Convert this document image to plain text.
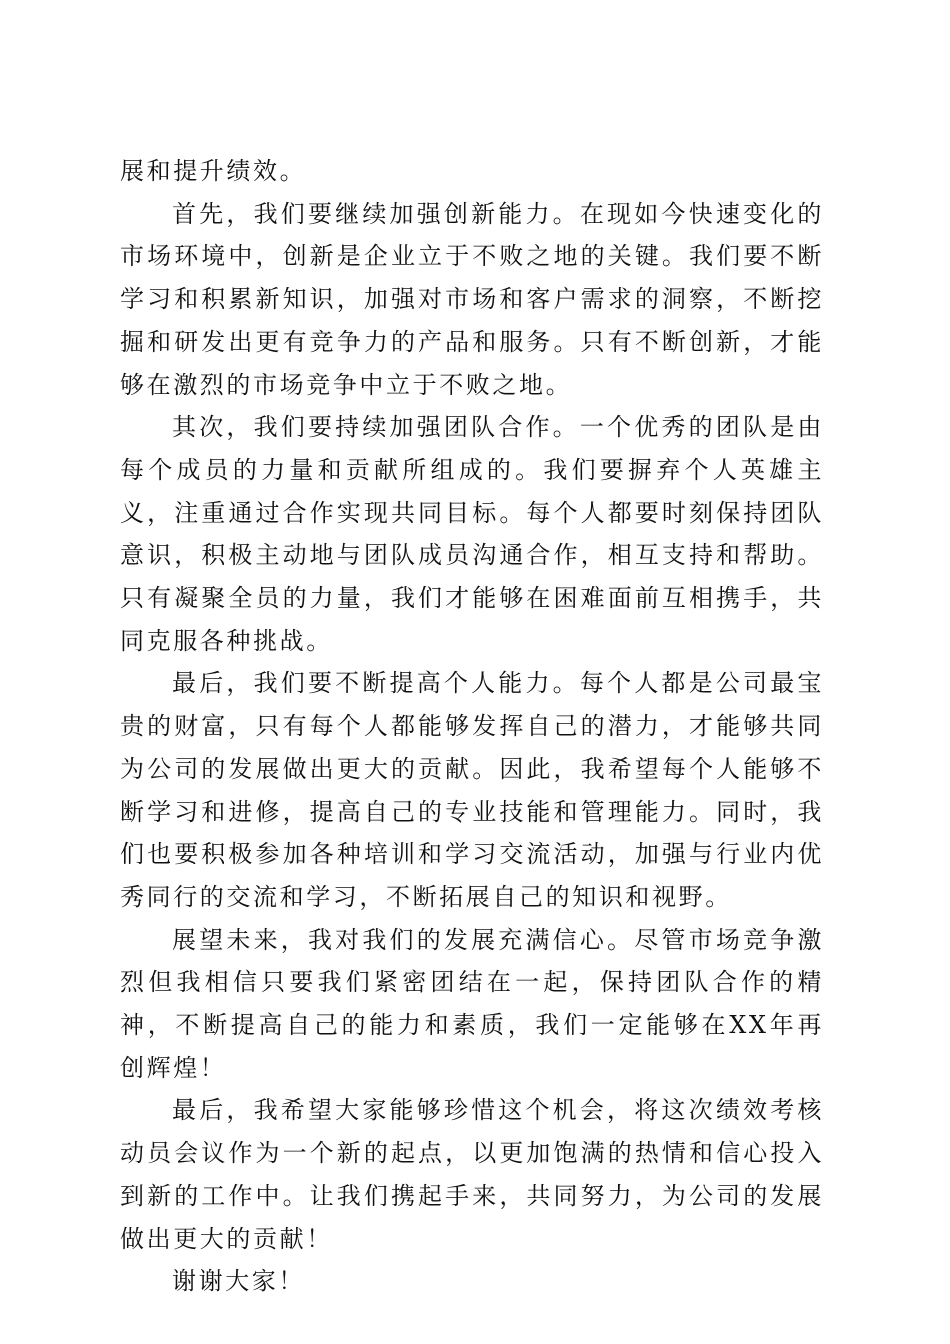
展和提升绩效。

首先，我们要继续加强创新能力。在现如今快速变化的市场环境中，创新是企业立于不败之地的关键。我们要不断学习和积累新知识，加强对市场和客户需求的洞察，不断挖掘和研发出更有竞争力的产品和服务。只有不断创新，才能够在激烈的市场竞争中立于不败之地。

其次，我们要持续加强团队合作。一个优秀的团队是由每个成员的力量和贡献所组成的。我们要摒弃个人英雄主义，注重通过合作实现共同目标。每个人都要时刻保持团队意识，积极主动地与团队成员沟通合作，相互支持和帮助。只有凝聚全员的力量，我们才能够在困难面前互相携手，共同克服各种挑战。

最后，我们要不断提高个人能力。每个人都是公司最宝贵的财富，只有每个人都能够发挥自己的潜力，才能够共同为公司的发展做出更大的贡献。因此，我希望每个人能够不断学习和进修，提高自己的专业技能和管理能力。同时，我们也要积极参加各种培训和学习交流活动，加强与行业内优秀同行的交流和学习，不断拓展自己的知识和视野。

展望未来，我对我们的发展充满信心。尽管市场竞争激烈但我相信只要我们紧密团结在一起，保持团队合作的精神，不断提高自己的能力和素质，我们一定能够在XX年再创辉煌！

最后，我希望大家能够珍惜这个机会，将这次绩效考核动员会议作为一个新的起点，以更加饱满的热情和信心投入到新的工作中。让我们携起手来，共同努力，为公司的发展做出更大的贡献！

谢谢大家！
